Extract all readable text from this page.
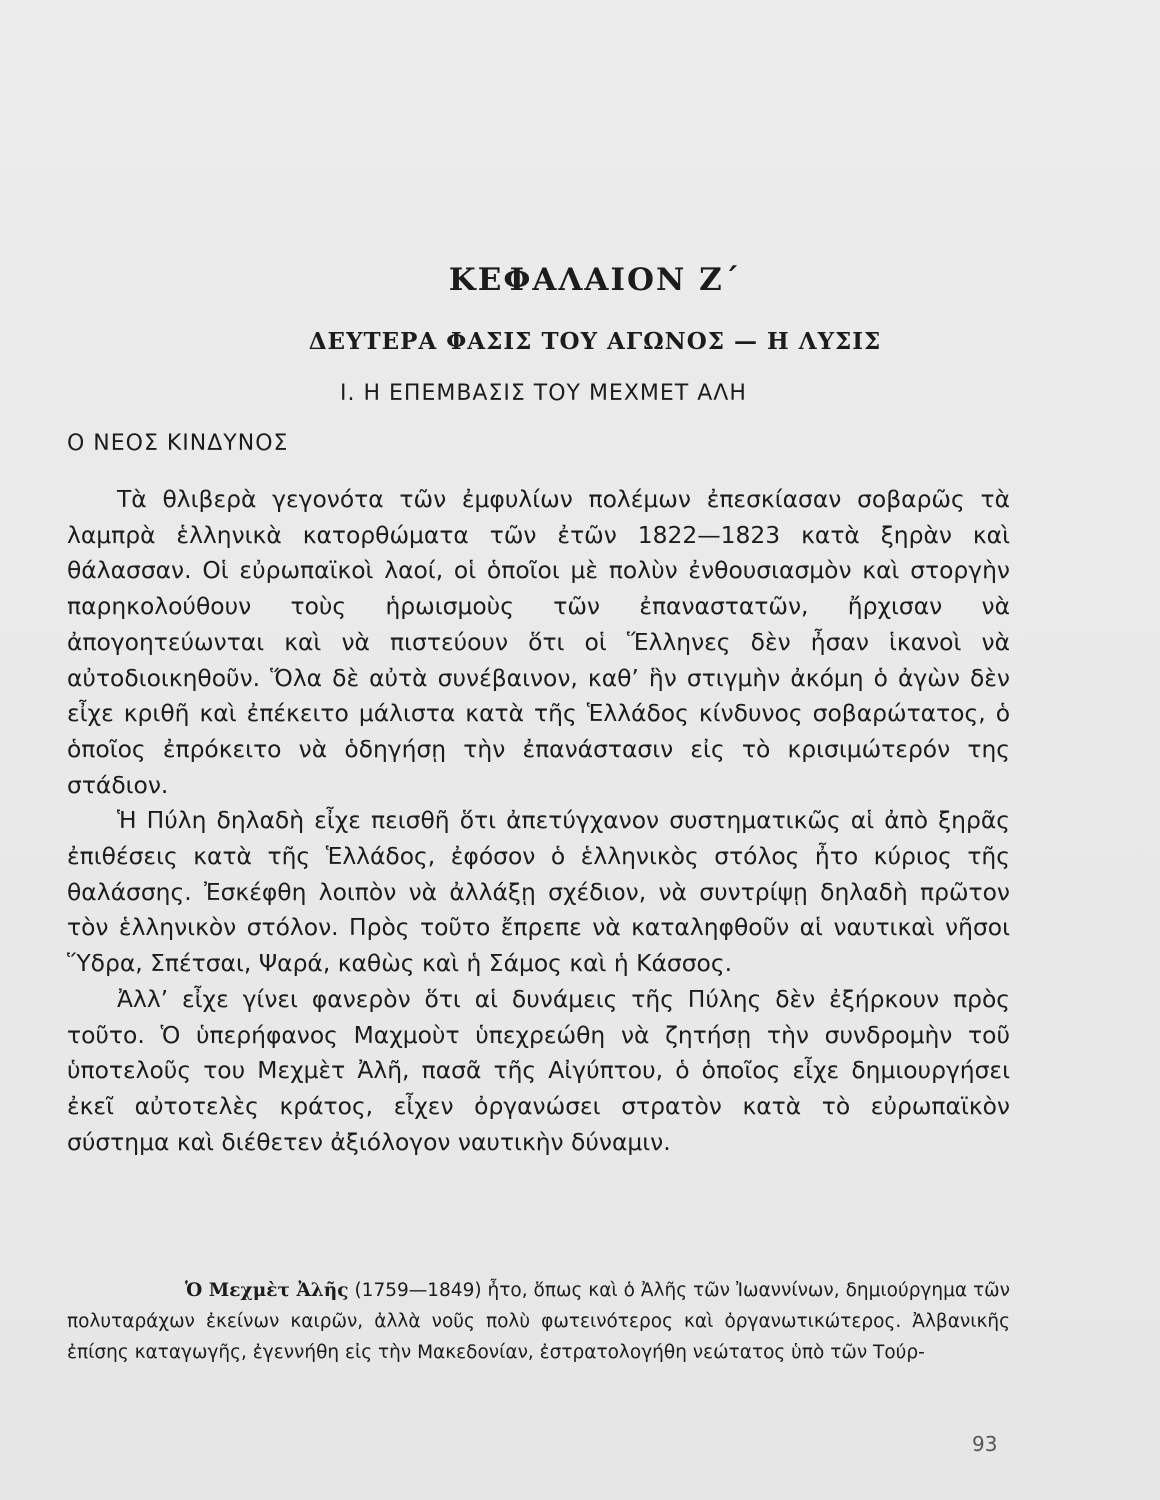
ΚΕΦΑΛΑΙΟΝ Ζ΄
ΔΕΥΤΕΡΑ ΦΑΣΙΣ ΤΟΥ ΑΓΩΝΟΣ — Η ΛΥΣΙΣ
Ι. Η ΕΠΕΜΒΑΣΙΣ ΤΟΥ ΜΕΧΜΕΤ ΑΛΗ
Ο ΝΕΟΣ ΚΙΝΔΥΝΟΣ

Τὰ θλιβερὰ γεγονότα τῶν ἐμφυλίων πολέμων ἐπεσκίασαν σοβαρῶς τὰ λαμπρὰ ἑλληνικὰ κατορθώματα τῶν ἐτῶν 1822—1823 κατὰ ξηρὰν καὶ θάλασσαν. Οἱ εὐρωπαϊκοὶ λαοί, οἱ ὁποῖοι μὲ πολὺν ἐνθουσιασμὸν καὶ στοργὴν παρηκολούθουν τοὺς ἡρωισμοὺς τῶν ἐπαναστατῶν, ἤρχισαν νὰ ἀπογοητεύωνται καὶ νὰ πιστεύουν ὅτι οἱ Ἕλληνες δὲν ἦσαν ἱκανοὶ νὰ αὐτοδιοικηθοῦν. Ὅλα δὲ αὐτὰ συνέβαινον, καθ’ ἣν στιγμὴν ἀκόμη ὁ ἀγὼν δὲν εἶχε κριθῆ καὶ ἐπέκειτο μάλιστα κατὰ τῆς Ἑλλάδος κίνδυνος σοβαρώτατος, ὁ ὁποῖος ἐπρόκειτο νὰ ὁδηγήσῃ τὴν ἐπανάστασιν εἰς τὸ κρισιμώτερόν της στάδιον.

Ἡ Πύλη δηλαδὴ εἶχε πεισθῆ ὅτι ἀπετύγχανον συστηματικῶς αἱ ἀπὸ ξηρᾶς ἐπιθέσεις κατὰ τῆς Ἑλλάδος, ἐφόσον ὁ ἑλληνικὸς στόλος ἦτο κύριος τῆς θαλάσσης. Ἐσκέφθη λοιπὸν νὰ ἀλλάξῃ σχέδιον, νὰ συντρίψῃ δηλαδὴ πρῶτον τὸν ἑλληνικὸν στόλον. Πρὸς τοῦτο ἔπρεπε νὰ καταληφθοῦν αἱ ναυτικαὶ νῆσοι Ὕδρα, Σπέτσαι, Ψαρά, καθὼς καὶ ἡ Σάμος καὶ ἡ Κάσσος.

Ἀλλ’ εἶχε γίνει φανερὸν ὅτι αἱ δυνάμεις τῆς Πύλης δὲν ἐξήρκουν πρὸς τοῦτο. Ὁ ὑπερήφανος Μαχμοὺτ ὑπεχρεώθη νὰ ζητήσῃ τὴν συνδρομὴν τοῦ ὑποτελοῦς του Μεχμὲτ Ἀλῆ, πασᾶ τῆς Αἰγύπτου, ὁ ὁποῖος εἶχε δημιουργήσει ἐκεῖ αὐτοτελὲς κράτος, εἶχεν ὀργανώσει στρατὸν κατὰ τὸ εὐρωπαϊκὸν σύστημα καὶ διέθετεν ἀξιόλογον ναυτικὴν δύναμιν.

Ὁ Μεχμὲτ Ἀλῆς (1759—1849) ἦτο, ὅπως καὶ ὁ Ἀλῆς τῶν Ἰωαννίνων, δημιούργημα τῶν πολυταράχων ἐκείνων καιρῶν, ἀλλὰ νοῦς πολὺ φωτεινότερος καὶ ὀργανωτικώτερος. Ἀλβανικῆς ἐπίσης καταγωγῆς, ἐγεννήθη εἰς τὴν Μακεδονίαν, ἐστρατολογήθη νεώτατος ὑπὸ τῶν Τούρ-

93
